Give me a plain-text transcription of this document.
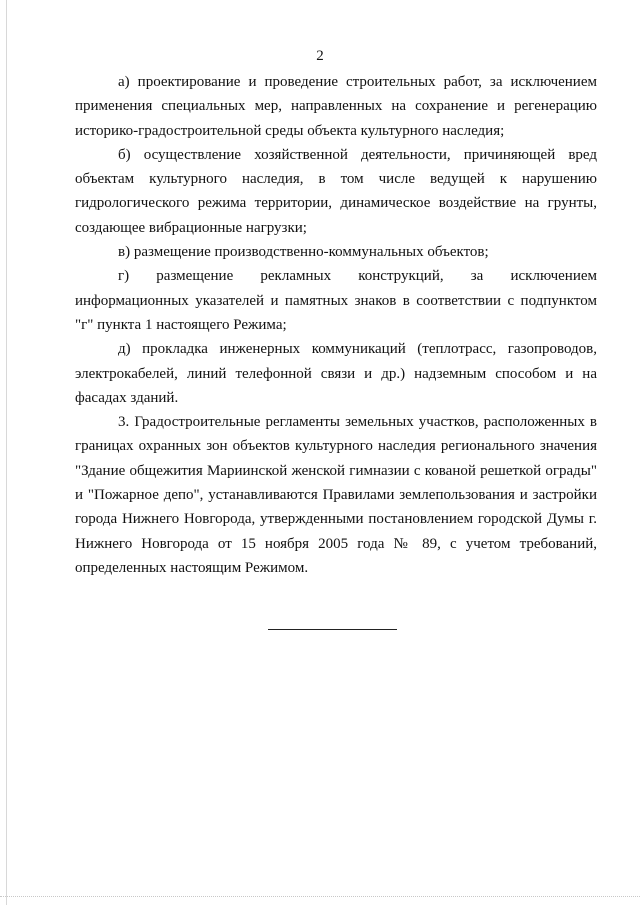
2

а) проектирование и проведение строительных работ, за исключением применения специальных мер, направленных на сохранение и регенерацию историко-градостроительной среды объекта культурного наследия;

б) осуществление хозяйственной деятельности, причиняющей вред объектам культурного наследия, в том числе ведущей к нарушению гидрологического режима территории, динамическое воздействие на грунты, создающее вибрационные нагрузки;

в) размещение производственно-коммунальных объектов;

г) размещение рекламных конструкций, за исключением информационных указателей и памятных знаков в соответствии с подпунктом "г" пункта 1 настоящего Режима;

д) прокладка инженерных коммуникаций (теплотрасс, газопроводов, электрокабелей, линий телефонной связи и др.) надземным способом и на фасадах зданий.

3. Градостроительные регламенты земельных участков, расположенных в границах охранных зон объектов культурного наследия регионального значения "Здание общежития Мариинской женской гимназии с кованой решеткой ограды" и "Пожарное депо", устанавливаются Правилами землепользования и застройки города Нижнего Новгорода, утвержденными постановлением городской Думы г. Нижнего Новгорода от 15 ноября 2005 года № 89, с учетом требований, определенных настоящим Режимом.
